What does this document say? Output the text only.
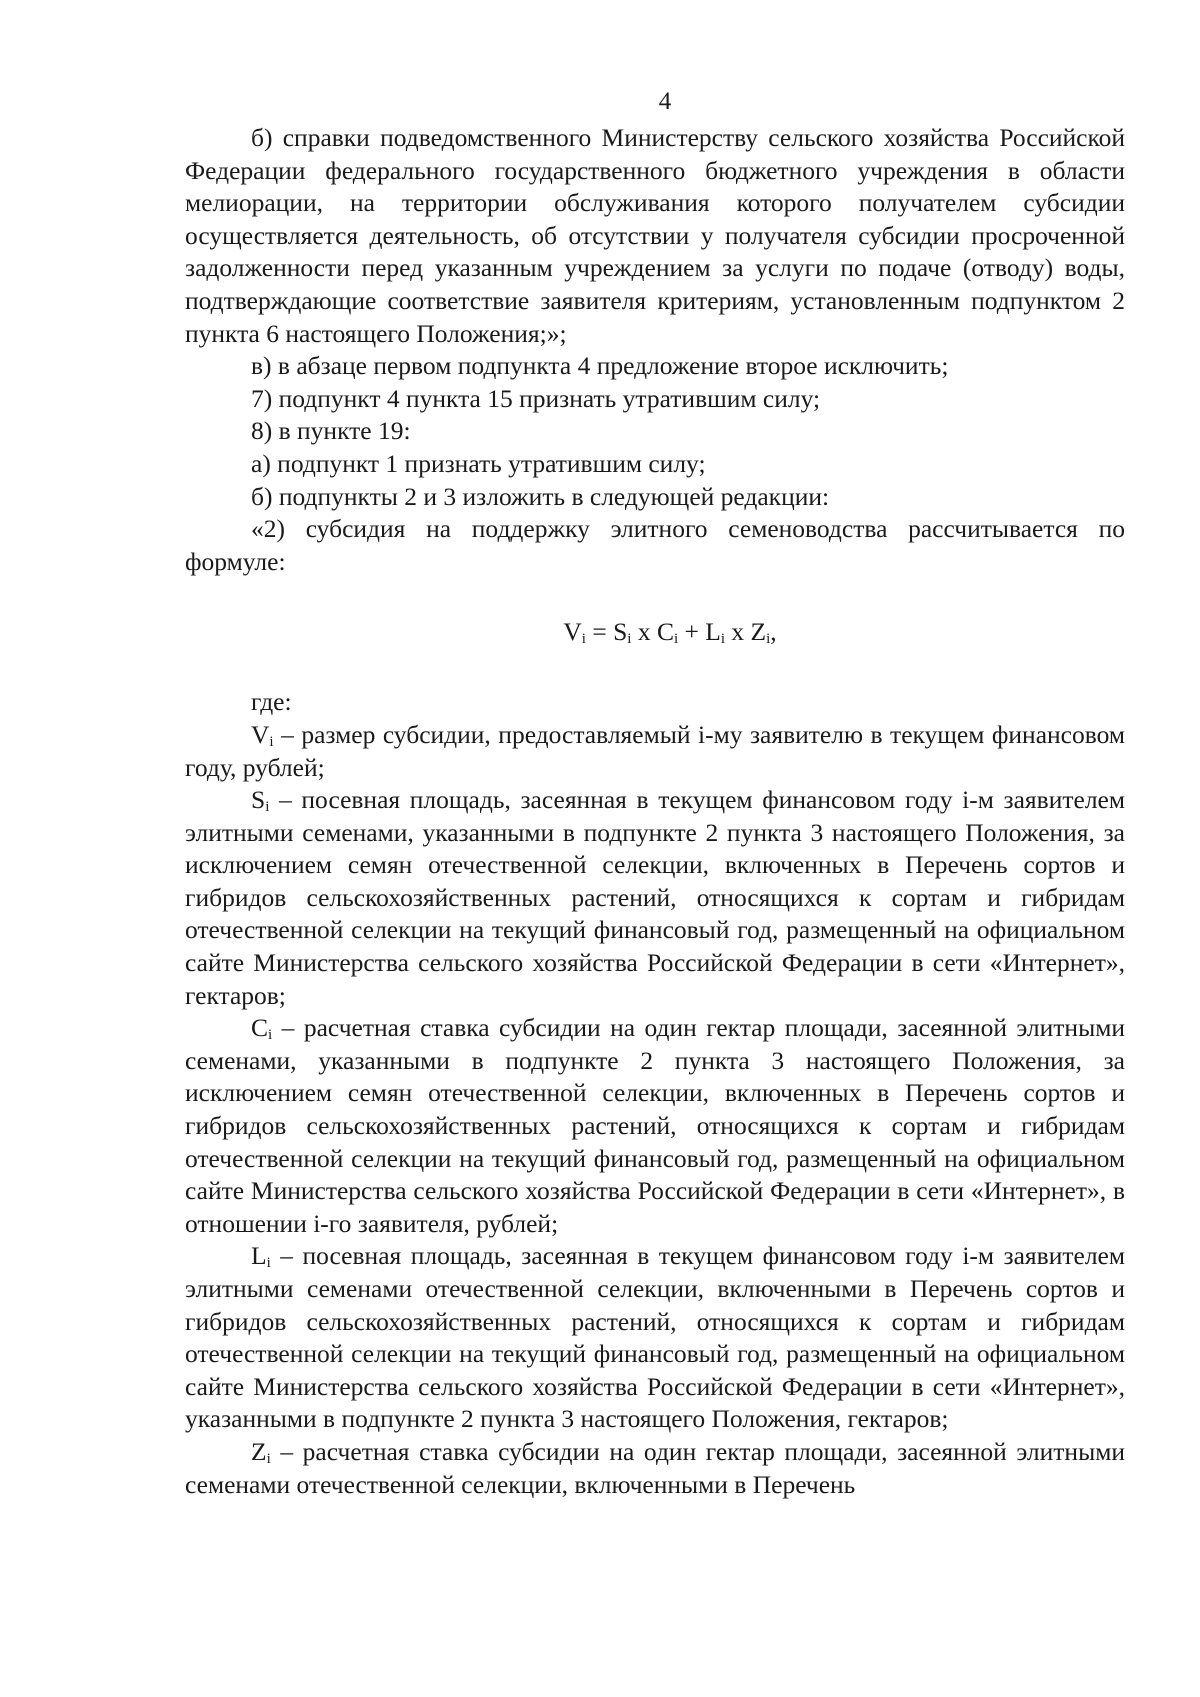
4

б) справки подведомственного Министерству сельского хозяйства Российской Федерации федерального государственного бюджетного учреждения в области мелиорации, на территории обслуживания которого получателем субсидии осуществляется деятельность, об отсутствии у получателя субсидии просроченной задолженности перед указанным учреждением за услуги по подаче (отводу) воды, подтверждающие соответствие заявителя критериям, установленным подпунктом 2 пункта 6 настоящего Положения;»;

в) в абзаце первом подпункта 4 предложение второе исключить;

7) подпункт 4 пункта 15 признать утратившим силу;

8) в пункте 19:

а) подпункт 1 признать утратившим силу;

б) подпункты 2 и 3 изложить в следующей редакции:

«2) субсидия на поддержку элитного семеноводства рассчитывается по формуле:

$V_i = S_i$ x $C_i + L_i$ x $Z_i$,

где:

$V_i$ – размер субсидии, предоставляемый i-му заявителю в текущем финансовом году, рублей;

$S_i$ – посевная площадь, засеянная в текущем финансовом году i-м заявителем элитными семенами, указанными в подпункте 2 пункта 3 настоящего Положения, за исключением семян отечественной селекции, включенных в Перечень сортов и гибридов сельскохозяйственных растений, относящихся к сортам и гибридам отечественной селекции на текущий финансовый год, размещенный на официальном сайте Министерства сельского хозяйства Российской Федерации в сети «Интернет», гектаров;

$C_i$ – расчетная ставка субсидии на один гектар площади, засеянной элитными семенами, указанными в подпункте 2 пункта 3 настоящего Положения, за исключением семян отечественной селекции, включенных в Перечень сортов и гибридов сельскохозяйственных растений, относящихся к сортам и гибридам отечественной селекции на текущий финансовый год, размещенный на официальном сайте Министерства сельского хозяйства Российской Федерации в сети «Интернет», в отношении i-го заявителя, рублей;

$L_i$ – посевная площадь, засеянная в текущем финансовом году i-м заявителем элитными семенами отечественной селекции, включенными в Перечень сортов и гибридов сельскохозяйственных растений, относящихся к сортам и гибридам отечественной селекции на текущий финансовый год, размещенный на официальном сайте Министерства сельского хозяйства Российской Федерации в сети «Интернет», указанными в подпункте 2 пункта 3 настоящего Положения, гектаров;

$Z_i$ – расчетная ставка субсидии на один гектар площади, засеянной элитными семенами отечественной селекции, включенными в Перечень
